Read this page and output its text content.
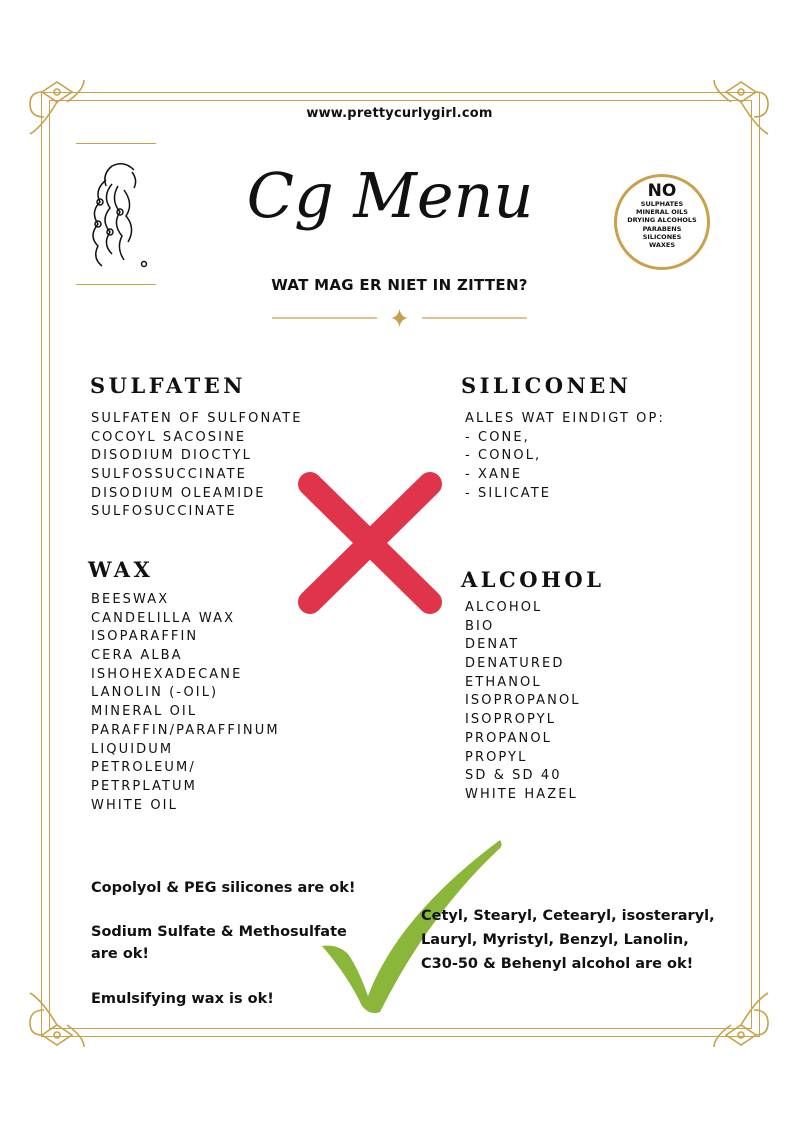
www.prettycurlygirl.com
Cg Menu	NO
SULPHATES
MINERAL OILS
DRYING ALCOHOLS
PARABENS
SILICONES
WAXES
WAT MAG ER NIET IN ZITTEN?
SULFATEN
SULFATEN OF SULFONATE
COCOYL SACOSINE
DISODIUM DIOCTYL
SULFOSSUCCINATE
DISODIUM OLEAMIDE
SULFOSUCCINATE
SILICONEN
ALLES WAT EINDIGT OP:
- CONE,
- CONOL,
- XANE
- SILICATE
WAX
BEESWAX
CANDELILLA WAX
ISOPARAFFIN
CERA ALBA
ISHOHEXADECANE
LANOLIN (-OIL)
MINERAL OIL
PARAFFIN/PARAFFINUM
LIQUIDUM
PETROLEUM/
PETRPLATUM
WHITE OIL
ALCOHOL
ALCOHOL
BIO
DENAT
DENATURED
ETHANOL
ISOPROPANOL
ISOPROPYL
PROPANOL
PROPYL
SD & SD 40
WHITE HAZEL
Copolyol & PEG silicones are ok!
Sodium Sulfate & Methosulfate
are ok!
Emulsifying wax is ok!
Cetyl, Stearyl, Cetearyl, isosteraryl,
Lauryl, Myristyl, Benzyl, Lanolin,
C30-50 & Behenyl alcohol are ok!
